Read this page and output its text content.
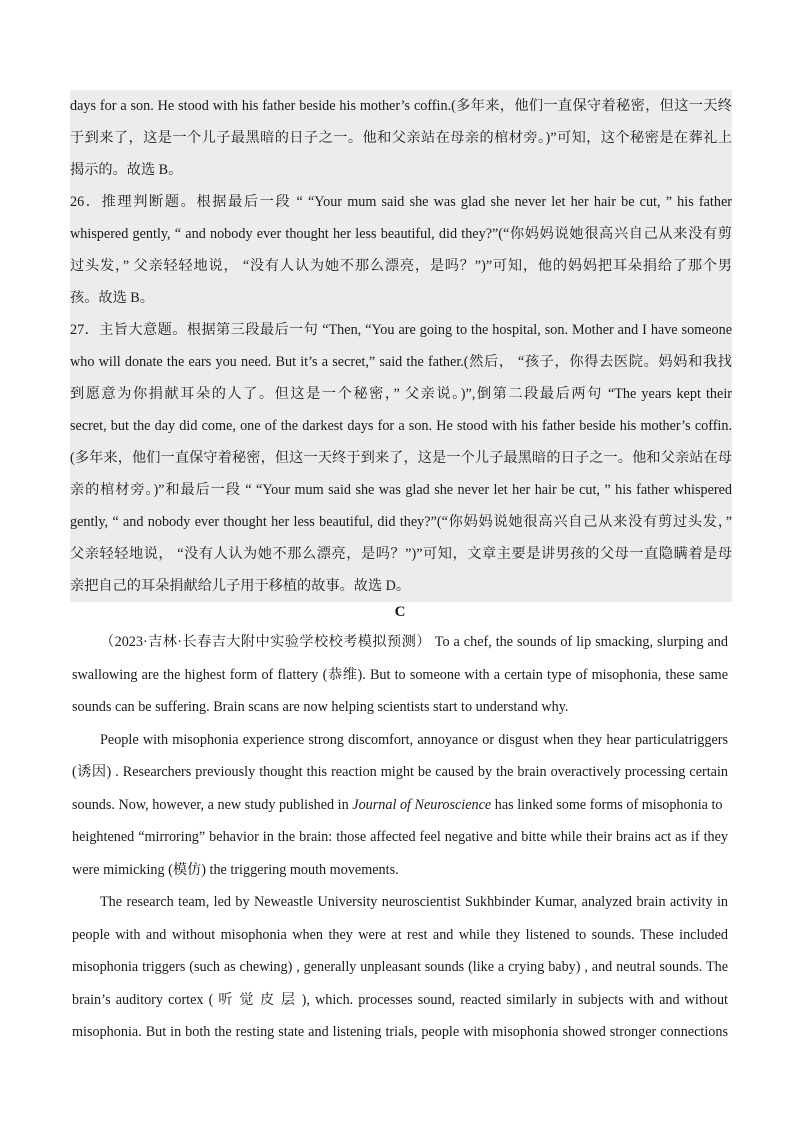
days for a son. He stood with his father beside his mother’s coffin.(多年来，他们一直保守着秘密，但这一天终
于到来了，这是一个儿子最黑暗的日子之一。他和父亲站在母亲的棺材旁。)”可知，这个秘密是在葬礼上
揭示的。故选 B。
26．推理判断题。根据最后一段 “ “Your mum said she was glad she never let her hair be cut, ” his father
whispered gently, “ and nobody ever thought her less beautiful, did they?”(“你妈妈说她很高兴自己从来没有剪
过头发，” 父亲轻轻地说， “没有人认为她不那么漂亮，是吗？”)”可知，他的妈妈把耳朵捐给了那个男
孩。故选 B。
27．主旨大意题。根据第三段最后一句 “Then, “You are going to the hospital, son. Mother and I have someone
who will donate the ears you need. But it’s a secret,” said the father.(然后， “孩子，你得去医院。妈妈和我找
到愿意为你捐献耳朵的人了。但这是一个秘密，” 父亲说。)”,倒第二段最后两句 “The years kept their
secret, but the day did come, one of the darkest days for a son. He stood with his father beside his mother’s coffin.
(多年来，他们一直保守着秘密，但这一天终于到来了，这是一个儿子最黑暗的日子之一。他和父亲站在母
亲的棺材旁。)”和最后一段 “ “Your mum said she was glad she never let her hair be cut, ” his father whispered
gently, “ and nobody ever thought her less beautiful, did they?”(“你妈妈说她很高兴自己从来没有剪过头发，”
父亲轻轻地说， “没有人认为她不那么漂亮，是吗？”)”可知，文章主要是讲男孩的父母一直隐瞒着是母
亲把自己的耳朵捐献给儿子用于移植的故事。故选 D。
C
（2023·吉林·长春吉大附中实验学校校考模拟预测） To a chef, the sounds of lip smacking, slurping and
swallowing are the highest form of flattery (恭维). But to someone with a certain type of misophonia, these same
sounds can be suffering. Brain scans are now helping scientists start to understand why.
People with misophonia experience strong discomfort, annoyance or disgust when they hear particulatriggers
(诱因) . Researchers previously thought this reaction might be caused by the brain overactively processing certain
sounds. Now, however, a new study published in Journal of Neuroscience has linked some forms of misophonia to
heightened “mirroring” behavior in the brain: those affected feel negative and bitte while their brains act as if they
were mimicking (模仿) the triggering mouth movements.
The research team, led by Neweastle University neuroscientist Sukhbinder Kumar, analyzed brain activity in
people with and without misophonia when they were at rest and while they listened to sounds. These included
misophonia triggers (such as chewing) , generally unpleasant sounds (like a crying baby) , and neutral sounds. The
brain’s auditory cortex ( 听 觉 皮 层 ), which. processes sound, reacted similarly in subjects with and without
misophonia. But in both the resting state and listening trials, people with misophonia showed stronger connections
